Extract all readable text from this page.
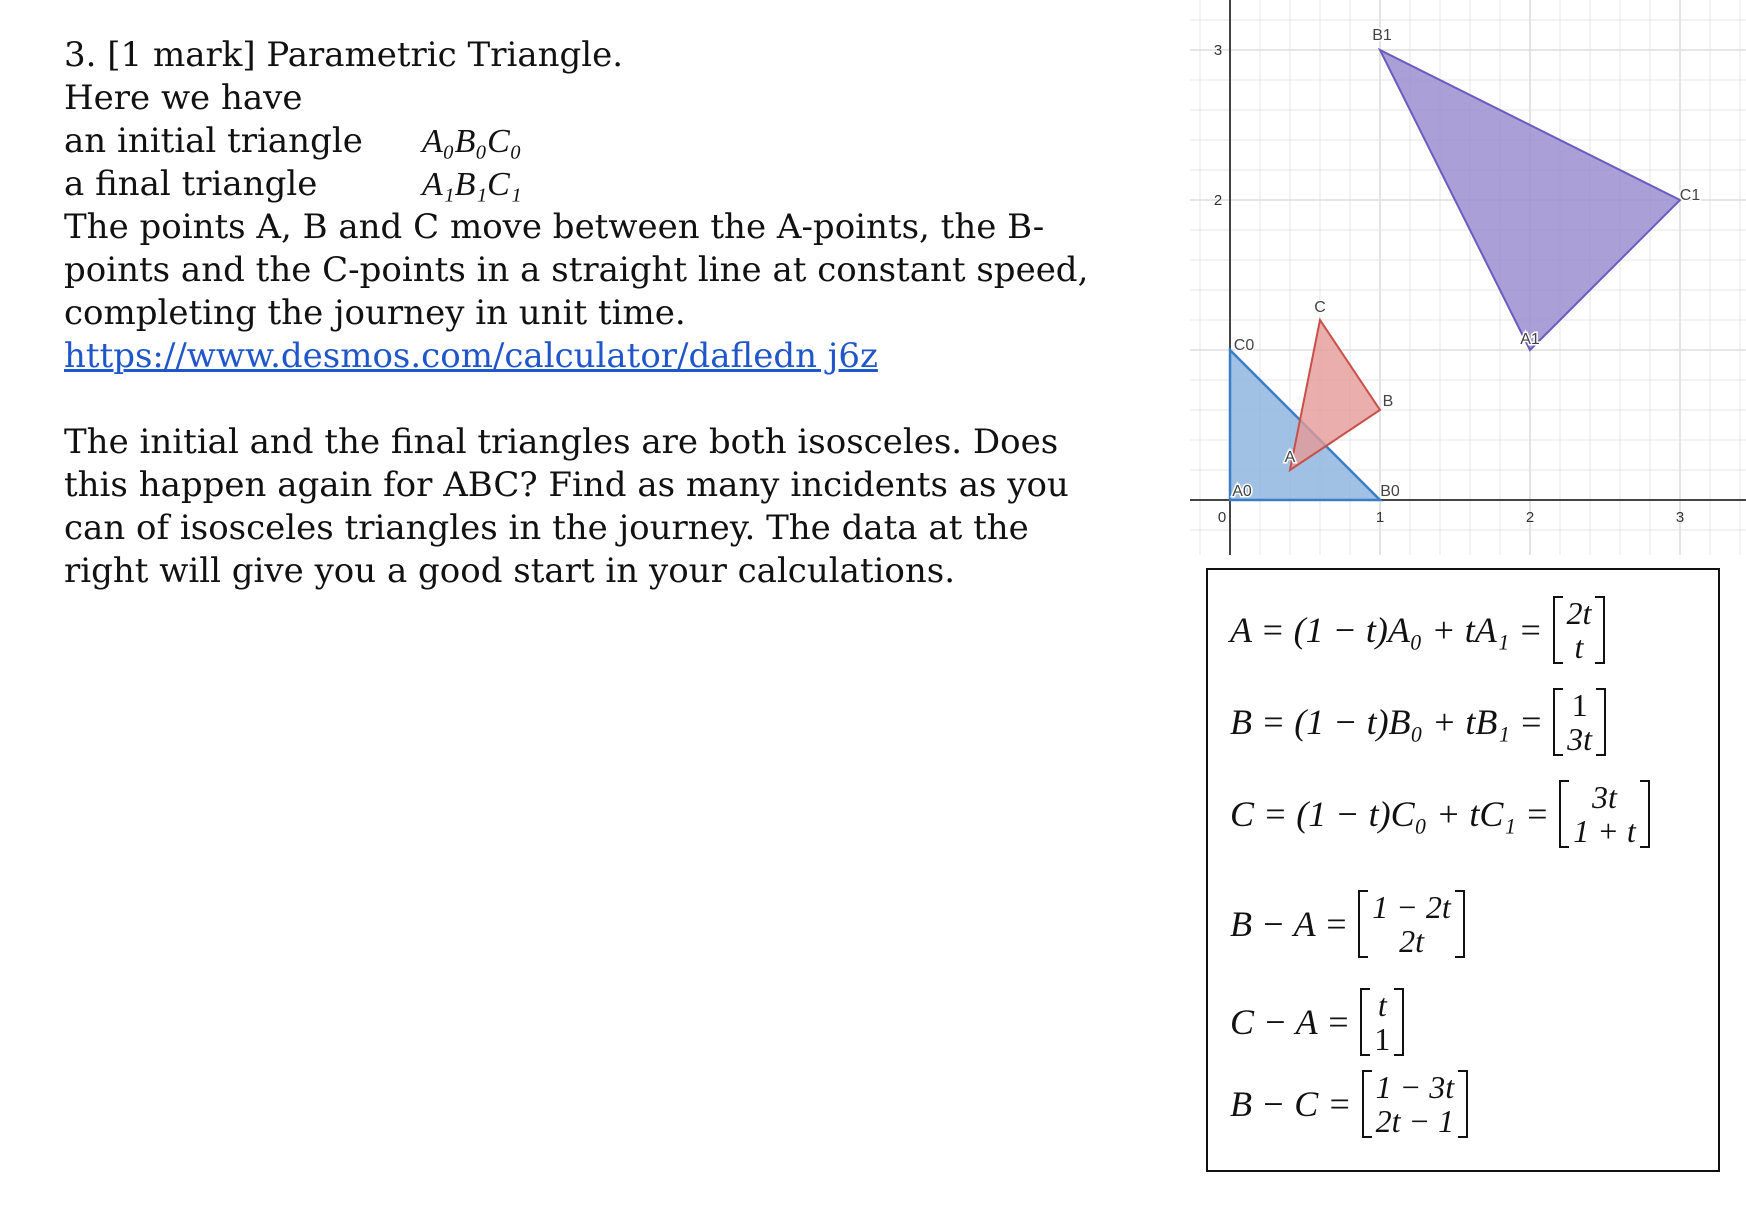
3. [1 mark] Parametric Triangle.
Here we have
an initial triangle	A₀B₀C₀
a final triangle	A₁B₁C₁
The points A, B and C move between the A-points, the B-
points and the C-points in a straight line at constant speed,
completing the journey in unit time.
https://www.desmos.com/calculator/dafledn j6z
The initial and the final triangles are both isosceles. Does
this happen again for ABC? Find as many incidents as you
can of isosceles triangles in the journey. The data at the
right will give you a good start in your calculations.
0	1	2	3
2
3
A0	B0
C0	A1
B1
C1
A
B
C
A = (1 − t)A₀ + tA₁ = 2t
t
B = (1 − t)B₀ + tB₁ = 1
3t
C = (1 − t)C₀ + tC₁ =	3t
1 + t
B − A = 1 − 2t
2t
C − A = t
1
B − C = 1 − 3t
2t − 1
